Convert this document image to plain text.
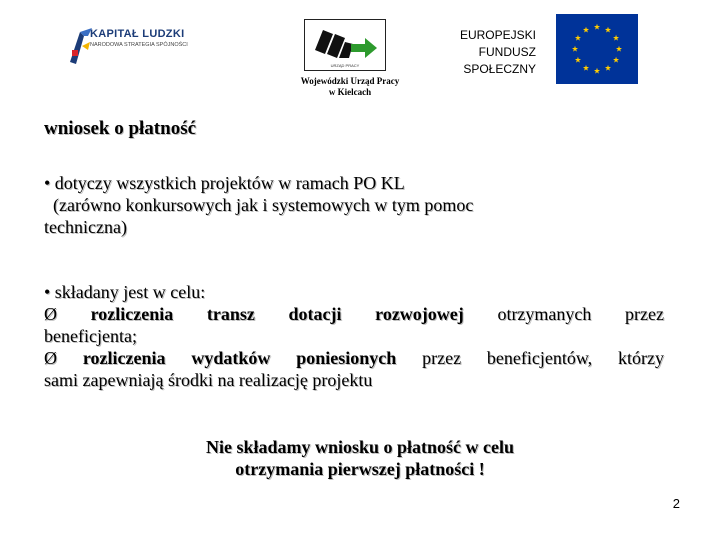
KAPITAŁ LUDZKI
NARODOWA STRATEGIA SPÓJNOŚCI
URZĄD PRACY
Wojewódzki Urząd Pracy
w Kielcach
EUROPEJSKI
FUNDUSZ
SPOŁECZNY
wniosek o płatność
• dotyczy wszystkich projektów w ramach PO KL
(zarówno konkursowych jak i systemowych w tym pomoc
techniczna)
• składany jest w celu:
Ø rozliczenia transz dotacji rozwojowej otrzymanych przez
beneficjenta;
Ø rozliczenia wydatków poniesionych przez beneficjentów, którzy
sami zapewniają środki na realizację projektu
Nie składamy wniosku o płatność w celu
otrzymania pierwszej płatności !
2
